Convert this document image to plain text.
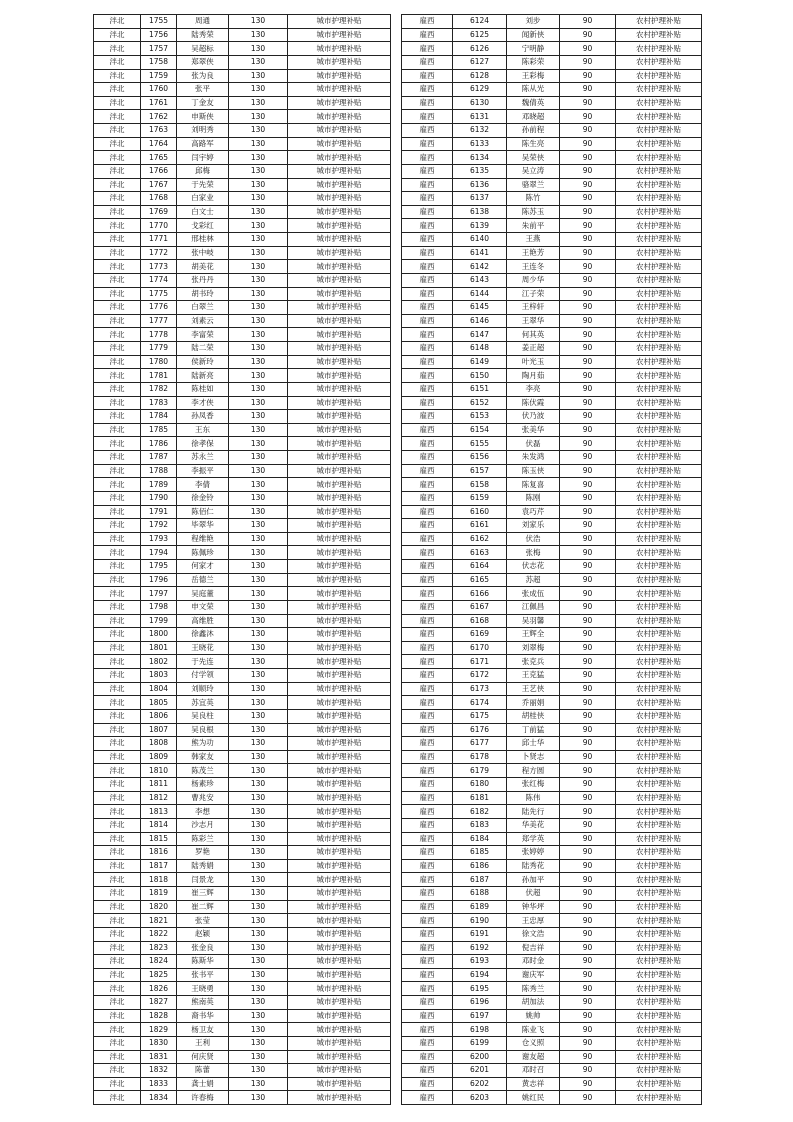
泮北	1755	周通	130	城市护理补贴
泮北	1756	陆秀荣	130	城市护理补贴
泮北	1757	吴超标	130	城市护理补贴
泮北	1758	郑翠侠	130	城市护理补贴
泮北	1759	张为良	130	城市护理补贴
泮北	1760	张平	130	城市护理补贴
泮北	1761	丁金友	130	城市护理补贴
泮北	1762	申斯侠	130	城市护理补贴
泮北	1763	刘明秀	130	城市护理补贴
泮北	1764	高路军	130	城市护理补贴
泮北	1765	闫宇婷	130	城市护理补贴
泮北	1766	邱梅	130	城市护理补贴
泮北	1767	于先荣	130	城市护理补贴
泮北	1768	白家业	130	城市护理补贴
泮北	1769	白文士	130	城市护理补贴
泮北	1770	戈彩红	130	城市护理补贴
泮北	1771	邢桂林	130	城市护理补贴
泮北	1772	张中岐	130	城市护理补贴
泮北	1773	胡美花	130	城市护理补贴
泮北	1774	张丹丹	130	城市护理补贴
泮北	1775	胡书玲	130	城市护理补贴
泮北	1776	白翠兰	130	城市护理补贴
泮北	1777	刘素云	130	城市护理补贴
泮北	1778	李富荣	130	城市护理补贴
泮北	1779	陆二荣	130	城市护理补贴
泮北	1780	侯新玲	130	城市护理补贴
泮北	1781	陆新亮	130	城市护理补贴
泮北	1782	陈桂如	130	城市护理补贴
泮北	1783	李才侠	130	城市护理补贴
泮北	1784	孙凤香	130	城市护理补贴
泮北	1785	王东	130	城市护理补贴
泮北	1786	徐孝保	130	城市护理补贴
泮北	1787	苏永兰	130	城市护理补贴
泮北	1788	李振平	130	城市护理补贴
泮北	1789	李倩	130	城市护理补贴
泮北	1790	徐金铃	130	城市护理补贴
泮北	1791	陈佰仁	130	城市护理补贴
泮北	1792	毕翠华	130	城市护理补贴
泮北	1793	程维艳	130	城市护理补贴
泮北	1794	陈佩珍	130	城市护理补贴
泮北	1795	何家才	130	城市护理补贴
泮北	1796	岳德兰	130	城市护理补贴
泮北	1797	吴庭董	130	城市护理补贴
泮北	1798	申文荣	130	城市护理补贴
泮北	1799	高维胜	130	城市护理补贴
泮北	1800	徐鑫沐	130	城市护理补贴
泮北	1801	王晓花	130	城市护理补贴
泮北	1802	于先连	130	城市护理补贴
泮北	1803	付学领	130	城市护理补贴
泮北	1804	刘顺玲	130	城市护理补贴
泮北	1805	苏宜英	130	城市护理补贴
泮北	1806	吴良柱	130	城市护理补贴
泮北	1807	吴良根	130	城市护理补贴
泮北	1808	熊为功	130	城市护理补贴
泮北	1809	韩家友	130	城市护理补贴
泮北	1810	陈茂兰	130	城市护理补贴
泮北	1811	杨素珍	130	城市护理补贴
泮北	1812	曹兆安	130	城市护理补贴
泮北	1813	李想	130	城市护理补贴
泮北	1814	沙志月	130	城市护理补贴
泮北	1815	陈彩兰	130	城市护理补贴
泮北	1816	罗艳	130	城市护理补贴
泮北	1817	陆秀娟	130	城市护理补贴
泮北	1818	闫景龙	130	城市护理补贴
泮北	1819	崔三辉	130	城市护理补贴
泮北	1820	崔二辉	130	城市护理补贴
泮北	1821	张莹	130	城市护理补贴
泮北	1822	赵颖	130	城市护理补贴
泮北	1823	张金良	130	城市护理补贴
泮北	1824	陈斯华	130	城市护理补贴
泮北	1825	张书平	130	城市护理补贴
泮北	1826	王晓勇	130	城市护理补贴
泮北	1827	熊南英	130	城市护理补贴
泮北	1828	裔书华	130	城市护理补贴
泮北	1829	杨卫友	130	城市护理补贴
泮北	1830	王利	130	城市护理补贴
泮北	1831	何庆贤	130	城市护理补贴
泮北	1832	陈蕾	130	城市护理补贴
泮北	1833	龚士娟	130	城市护理补贴
泮北	1834	许春梅	130	城市护理补贴
雇西	6124	刘步	90	农村护理补贴
雇西	6125	闻新侠	90	农村护理补贴
雇西	6126	宁明静	90	农村护理补贴
雇西	6127	陈彩荣	90	农村护理补贴
雇西	6128	王彩梅	90	农村护理补贴
雇西	6129	陈从光	90	农村护理补贴
雇西	6130	魏倩英	90	农村护理补贴
雇西	6131	邓晓超	90	农村护理补贴
雇西	6132	孙前程	90	农村护理补贴
雇西	6133	陈生亮	90	农村护理补贴
雇西	6134	吴荣侠	90	农村护理补贴
雇西	6135	吴立涛	90	农村护理补贴
雇西	6136	骆翠兰	90	农村护理补贴
雇西	6137	陈竹	90	农村护理补贴
雇西	6138	陈苏玉	90	农村护理补贴
雇西	6139	朱前平	90	农村护理补贴
雇西	6140	王燕	90	农村护理补贴
雇西	6141	王艳芳	90	农村护理补贴
雇西	6142	王连冬	90	农村护理补贴
雇西	6143	周少华	90	农村护理补贴
雇西	6144	江子荣	90	农村护理补贴
雇西	6145	王梓轩	90	农村护理补贴
雇西	6146	王翠华	90	农村护理补贴
雇西	6147	何其英	90	农村护理补贴
雇西	6148	姜正超	90	农村护理补贴
雇西	6149	叶光玉	90	农村护理补贴
雇西	6150	陶月茹	90	农村护理补贴
雇西	6151	李亮	90	农村护理补贴
雇西	6152	陈伏霞	90	农村护理补贴
雇西	6153	伏乃波	90	农村护理补贴
雇西	6154	张美华	90	农村护理补贴
雇西	6155	伏磊	90	农村护理补贴
雇西	6156	朱发鸿	90	农村护理补贴
雇西	6157	陈玉侠	90	农村护理补贴
雇西	6158	陈复喜	90	农村护理补贴
雇西	6159	陈刚	90	农村护理补贴
雇西	6160	袁巧芹	90	农村护理补贴
雇西	6161	刘家乐	90	农村护理补贴
雇西	6162	伏浩	90	农村护理补贴
雇西	6163	张梅	90	农村护理补贴
雇西	6164	伏志花	90	农村护理补贴
雇西	6165	苏超	90	农村护理补贴
雇西	6166	张成伍	90	农村护理补贴
雇西	6167	江佩昌	90	农村护理补贴
雇西	6168	吴羽馨	90	农村护理补贴
雇西	6169	王辉全	90	农村护理补贴
雇西	6170	刘翠梅	90	农村护理补贴
雇西	6171	张克兵	90	农村护理补贴
雇西	6172	王克猛	90	农村护理补贴
雇西	6173	王艺侠	90	农村护理补贴
雇西	6174	乔丽娟	90	农村护理补贴
雇西	6175	胡桂侠	90	农村护理补贴
雇西	6176	丁前猛	90	农村护理补贴
雇西	6177	邱士华	90	农村护理补贴
雇西	6178	卜贤志	90	农村护理补贴
雇西	6179	程方圆	90	农村护理补贴
雇西	6180	张红梅	90	农村护理补贴
雇西	6181	陈伟	90	农村护理补贴
雇西	6182	陆先行	90	农村护理补贴
雇西	6183	华美花	90	农村护理补贴
雇西	6184	郑学英	90	农村护理补贴
雇西	6185	张婷婷	90	农村护理补贴
雇西	6186	陆秀花	90	农村护理补贴
雇西	6187	孙加平	90	农村护理补贴
雇西	6188	伏超	90	农村护理补贴
雇西	6189	钟华坪	90	农村护理补贴
雇西	6190	王忠厚	90	农村护理补贴
雇西	6191	徐文浩	90	农村护理补贴
雇西	6192	倪吉祥	90	农村护理补贴
雇西	6193	邓时金	90	农村护理补贴
雇西	6194	谢庆军	90	农村护理补贴
雇西	6195	陈秀兰	90	农村护理补贴
雇西	6196	胡加法	90	农村护理补贴
雇西	6197	姚帅	90	农村护理补贴
雇西	6198	陈业飞	90	农村护理补贴
雇西	6199	仓义照	90	农村护理补贴
雇西	6200	谢友超	90	农村护理补贴
雇西	6201	邓时召	90	农村护理补贴
雇西	6202	黄志祥	90	农村护理补贴
雇西	6203	姚红民	90	农村护理补贴
